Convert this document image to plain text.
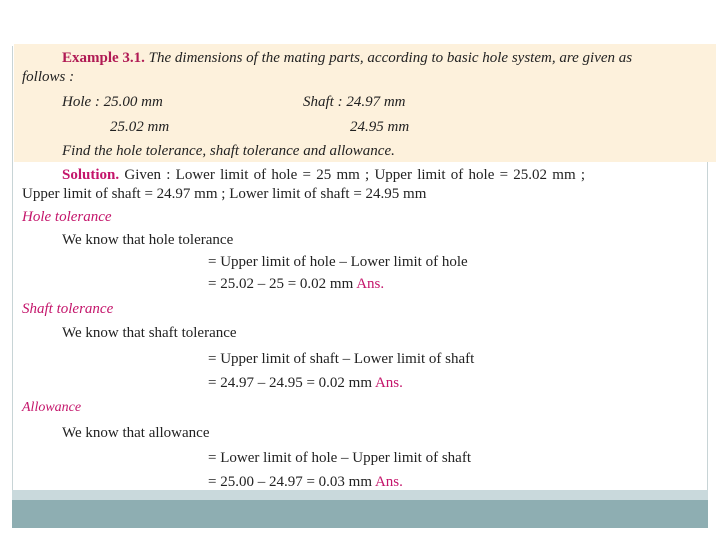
Example 3.1. The dimensions of the mating parts, according to basic hole system, are given as
follows :
Hole : 25.00 mm	Shaft : 24.97 mm
25.02 mm	24.95 mm
Find the hole tolerance, shaft tolerance and allowance.
Solution. Given : Lower limit of hole = 25 mm ; Upper limit of hole = 25.02 mm ;
Upper limit of shaft = 24.97 mm ; Lower limit of shaft = 24.95 mm
Hole tolerance
We know that hole tolerance
= Upper limit of hole – Lower limit of hole
= 25.02 – 25 = 0.02 mm Ans.
Shaft tolerance
We know that shaft tolerance
= Upper limit of shaft – Lower limit of shaft
= 24.97 – 24.95 = 0.02 mm Ans.
Allowance
We know that allowance
= Lower limit of hole – Upper limit of shaft
= 25.00 – 24.97 = 0.03 mm Ans.
